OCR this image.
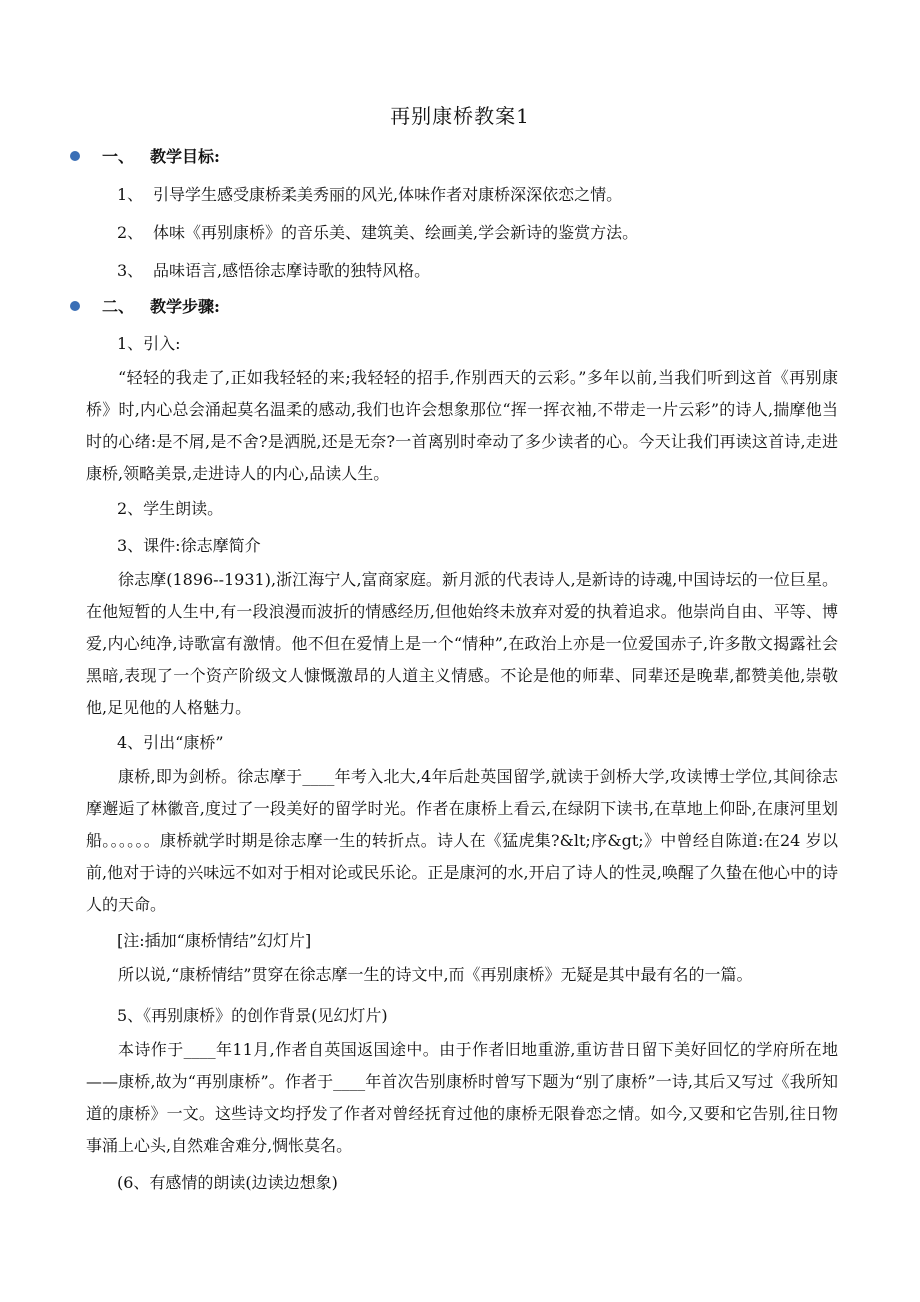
再别康桥教案1
一、 教学目标:
1、 引导学生感受康桥柔美秀丽的风光,体味作者对康桥深深依恋之情。
2、 体味《再别康桥》的音乐美、建筑美、绘画美,学会新诗的鉴赏方法。
3、 品味语言,感悟徐志摩诗歌的独特风格。
二、 教学步骤:
1、引入:
“轻轻的我走了,正如我轻轻的来;我轻轻的招手,作别西天的云彩。”多年以前,当我们听到这首《再别康桥》时,内心总会涌起莫名温柔的感动,我们也许会想象那位“挥一挥衣袖,不带走一片云彩”的诗人,揣摩他当时的心绪:是不屑,是不舍?是洒脱,还是无奈?一首离别时牵动了多少读者的心。今天让我们再读这首诗,走进康桥,领略美景,走进诗人的内心,品读人生。
2、学生朗读。
3、课件:徐志摩简介
徐志摩(1896--1931),浙江海宁人,富商家庭。新月派的代表诗人,是新诗的诗魂,中国诗坛的一位巨星。在他短暂的人生中,有一段浪漫而波折的情感经历,但他始终未放弃对爱的执着追求。他崇尚自由、平等、博爱,内心纯净,诗歌富有激情。他不但在爱情上是一个“情种”,在政治上亦是一位爱国赤子,许多散文揭露社会黑暗,表现了一个资产阶级文人慷慨激昂的人道主义情感。不论是他的师辈、同辈还是晚辈,都赞美他,崇敬他,足见他的人格魅力。
4、引出“康桥”
康桥,即为剑桥。徐志摩于____年考入北大,4年后赴英国留学,就读于剑桥大学,攻读博士学位,其间徐志摩邂逅了林徽音,度过了一段美好的留学时光。作者在康桥上看云,在绿阴下读书,在草地上仰卧,在康河里划船。。。。。。康桥就学时期是徐志摩一生的转折点。诗人在《猛虎集?&lt;序&gt;》中曾经自陈道:在24 岁以前,他对于诗的兴味远不如对于相对论或民乐论。正是康河的水,开启了诗人的性灵,唤醒了久蛰在他心中的诗人的天命。
[注:插加“康桥情结”幻灯片]
所以说,“康桥情结”贯穿在徐志摩一生的诗文中,而《再别康桥》无疑是其中最有名的一篇。
5、《再别康桥》的创作背景(见幻灯片)
本诗作于____年11月,作者自英国返国途中。由于作者旧地重游,重访昔日留下美好回忆的学府所在地——康桥,故为“再别康桥”。作者于____年首次告别康桥时曾写下题为“别了康桥”一诗,其后又写过《我所知道的康桥》一文。这些诗文均抒发了作者对曾经抚育过他的康桥无限眷恋之情。如今,又要和它告别,往日物事涌上心头,自然难舍难分,惆怅莫名。
(6、有感情的朗读(边读边想象)
